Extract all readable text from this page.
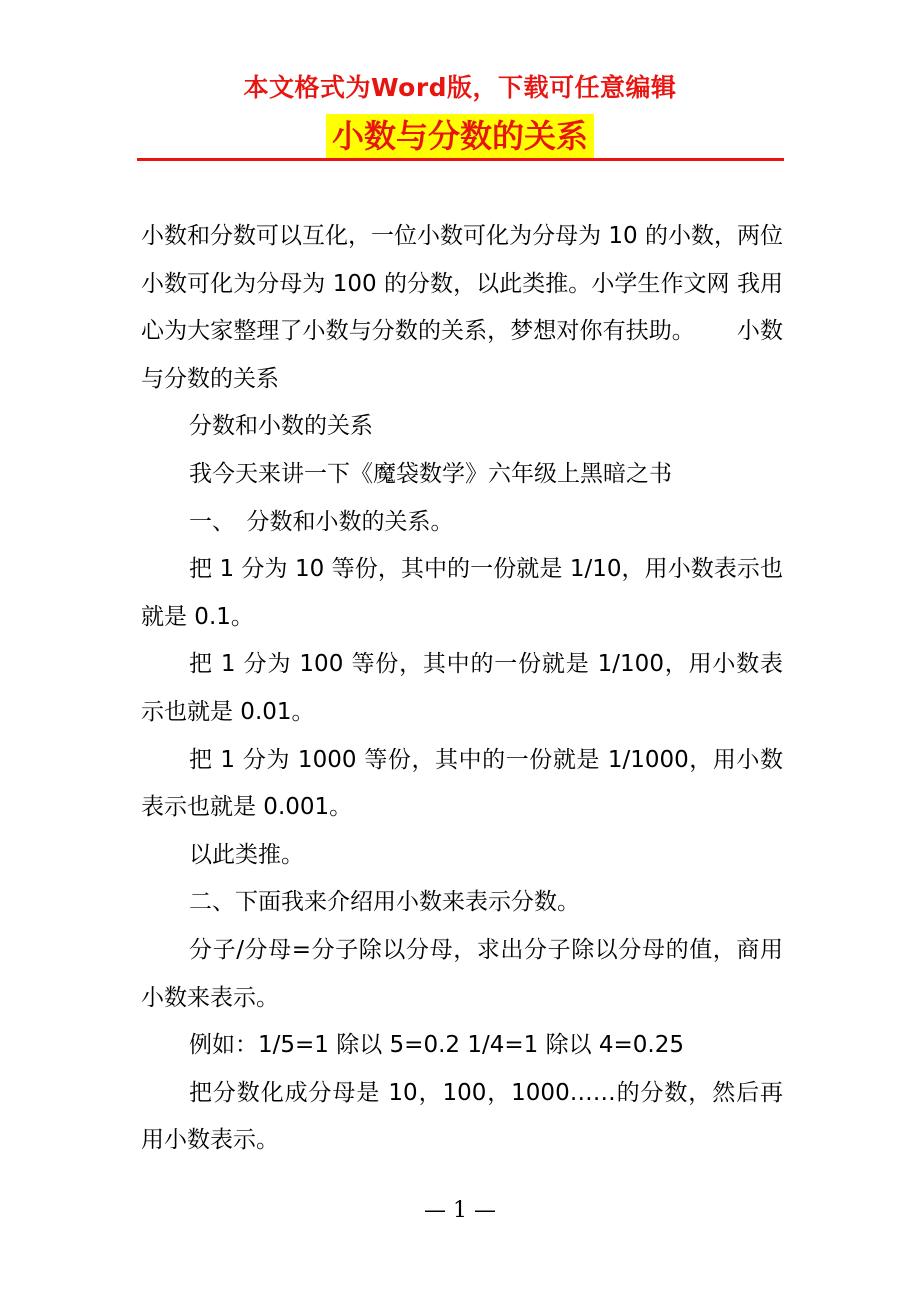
本文格式为Word版，下载可任意编辑
小数与分数的关系

小数和分数可以互化，一位小数可化为分母为 10 的小数，两位小数可化为分母为 100 的分数，以此类推。小学生作文网 我用心为大家整理了小数与分数的关系，梦想对你有扶助。　　 小数与分数的关系

分数和小数的关系

我今天来讲一下《魔袋数学》六年级上黑暗之书

一、　分数和小数的关系。

把 1 分为 10 等份，其中的一份就是 1/10，用小数表示也就是 0.1。

把 1 分为 100 等份，其中的一份就是 1/100，用小数表示也就是 0.01。

把 1 分为 1000 等份，其中的一份就是 1/1000，用小数表示也就是 0.001。

以此类推。

二、下面我来介绍用小数来表示分数。

分子/分母=分子除以分母，求出分子除以分母的值，商用小数来表示。

例如：1/5=1 除以 5=0.2 1/4=1 除以 4=0.25

把分数化成分母是 10，100，1000……的分数，然后再用小数表示。

— 1 —
